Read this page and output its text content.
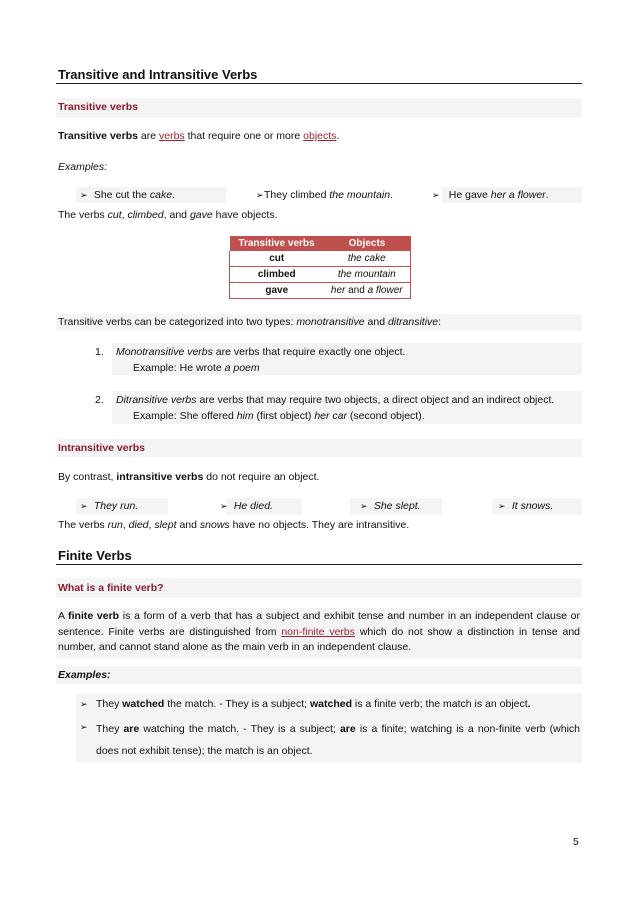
Transitive and Intransitive Verbs
Transitive verbs
Transitive verbs are verbs that require one or more objects.
Examples:
➢ She cut the cake.	➢They climbed the mountain.	➢ He gave her a flower.
The verbs cut, climbed, and gave have objects.
Transitive verbs	Objects
cut	the cake
climbed	the mountain
gave	her and a flower
Transitive verbs can be categorized into two types: monotransitive and ditransitive:
1. Monotransitive verbs are verbs that require exactly one object.
Example: He wrote a poem
2. Ditransitive verbs are verbs that may require two objects, a direct object and an indirect object.
Example: She offered him (first object) her car (second object).
Intransitive verbs
By contrast, intransitive verbs do not require an object.
➢ They run.	➢ He died.	➢ She slept.	➢ It snows.
The verbs run, died, slept and snows have no objects. They are intransitive.
Finite Verbs
What is a finite verb?
A finite verb is a form of a verb that has a subject and exhibit tense and number in an independent clause or sentence. Finite verbs are distinguished from non-finite verbs which do not show a distinction in tense and number, and cannot stand alone as the main verb in an independent clause.
Examples:
➢ They watched the match. - They is a subject; watched is a finite verb; the match is an object.
➢ They are watching the match. - They is a subject; are is a finite; watching is a non-finite verb (which does not exhibit tense); the match is an object.
5
